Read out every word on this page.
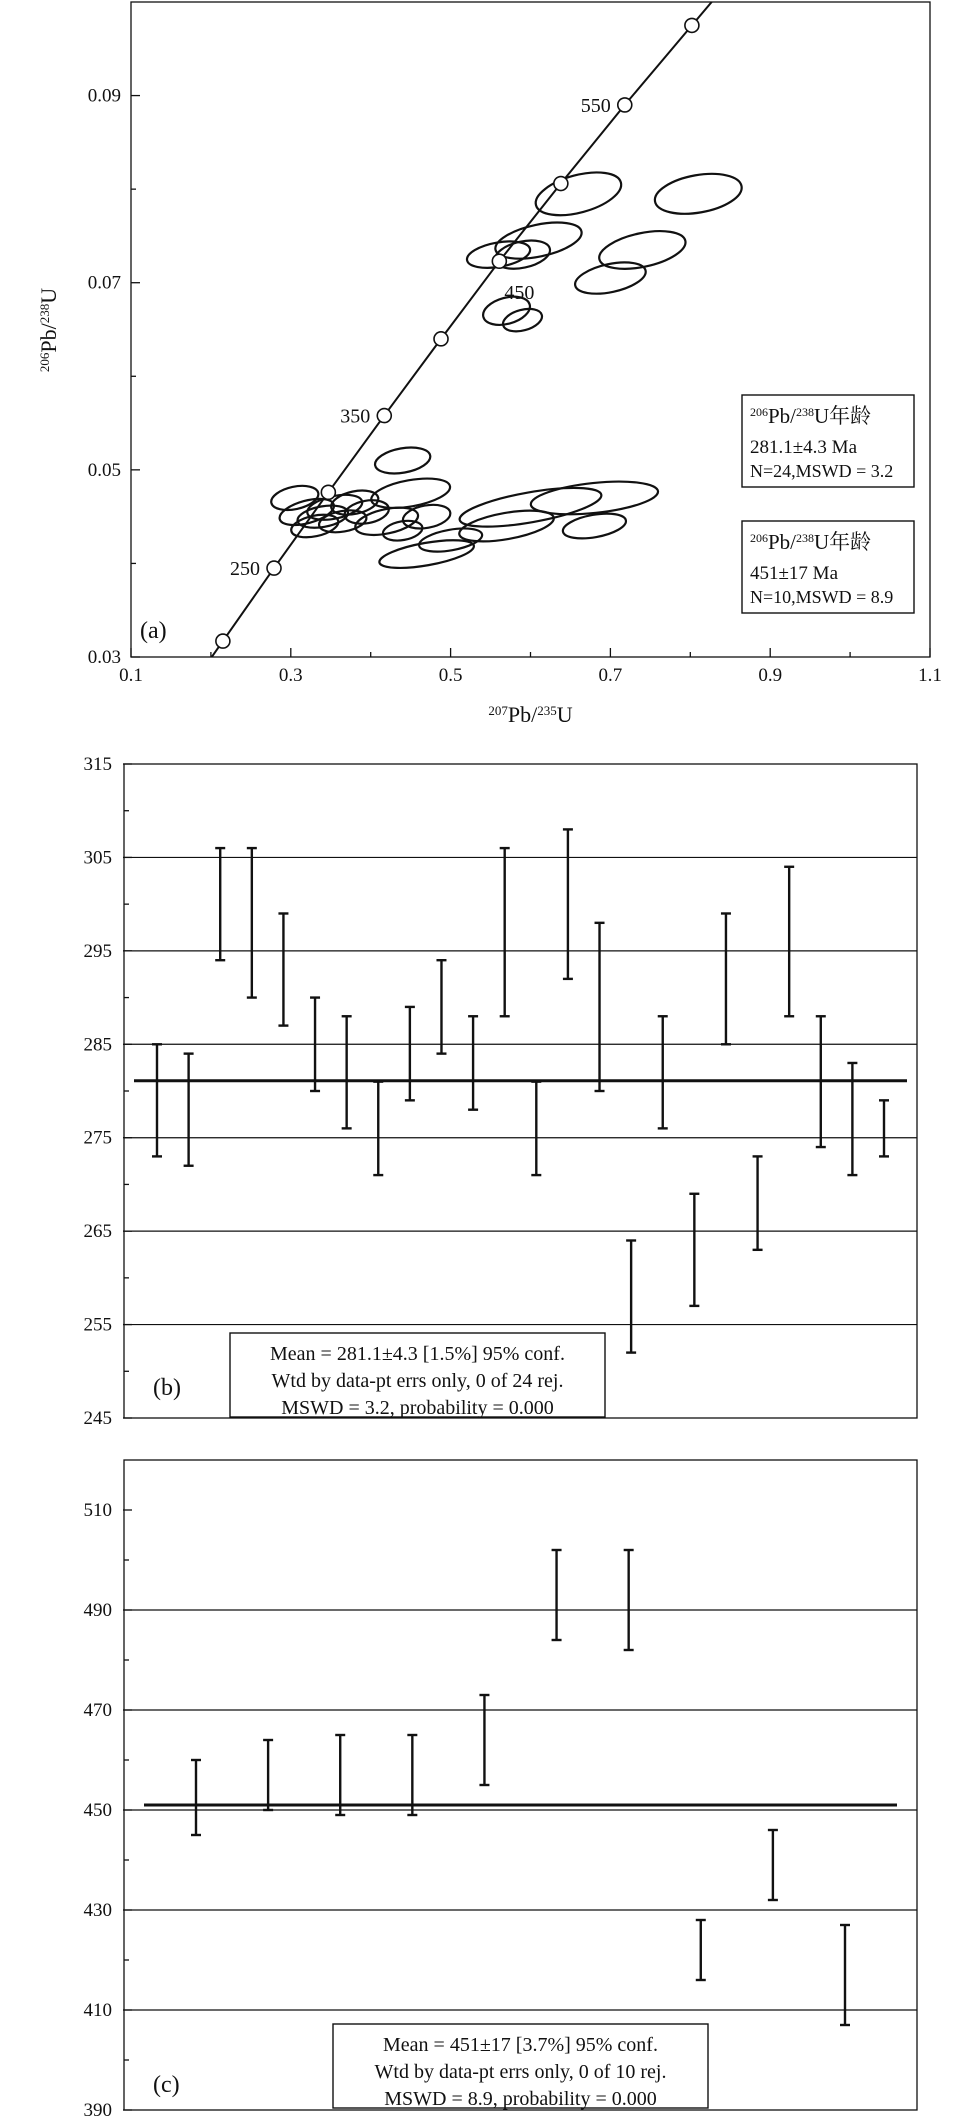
0.1	0.3	0.5	0.7	0.9	1.1
0.03
0.05
0.07
0.09
$^{207}$Pb/$^{235}$U
$^{206}$Pb/$^{238}$U
550
450
350
250
(a)
$^{206}$Pb/$^{238}$U年龄
281.1±4.3 Ma
N=24,MSWD = 3.2
$^{206}$Pb/$^{238}$U年龄
451±17 Ma
N=10,MSWD = 8.9
245
255
265
275
285
295
305
315
Mean = 281.1±4.3 [1.5%] 95% conf.
Wtd by data-pt errs only, 0 of 24 rej.
MSWD = 3.2, probability = 0.000
(b)
390
410
430
450
470
490
510
Mean = 451±17 [3.7%] 95% conf.
Wtd by data-pt errs only, 0 of 10 rej.
MSWD = 8.9, probability = 0.000
(c)
